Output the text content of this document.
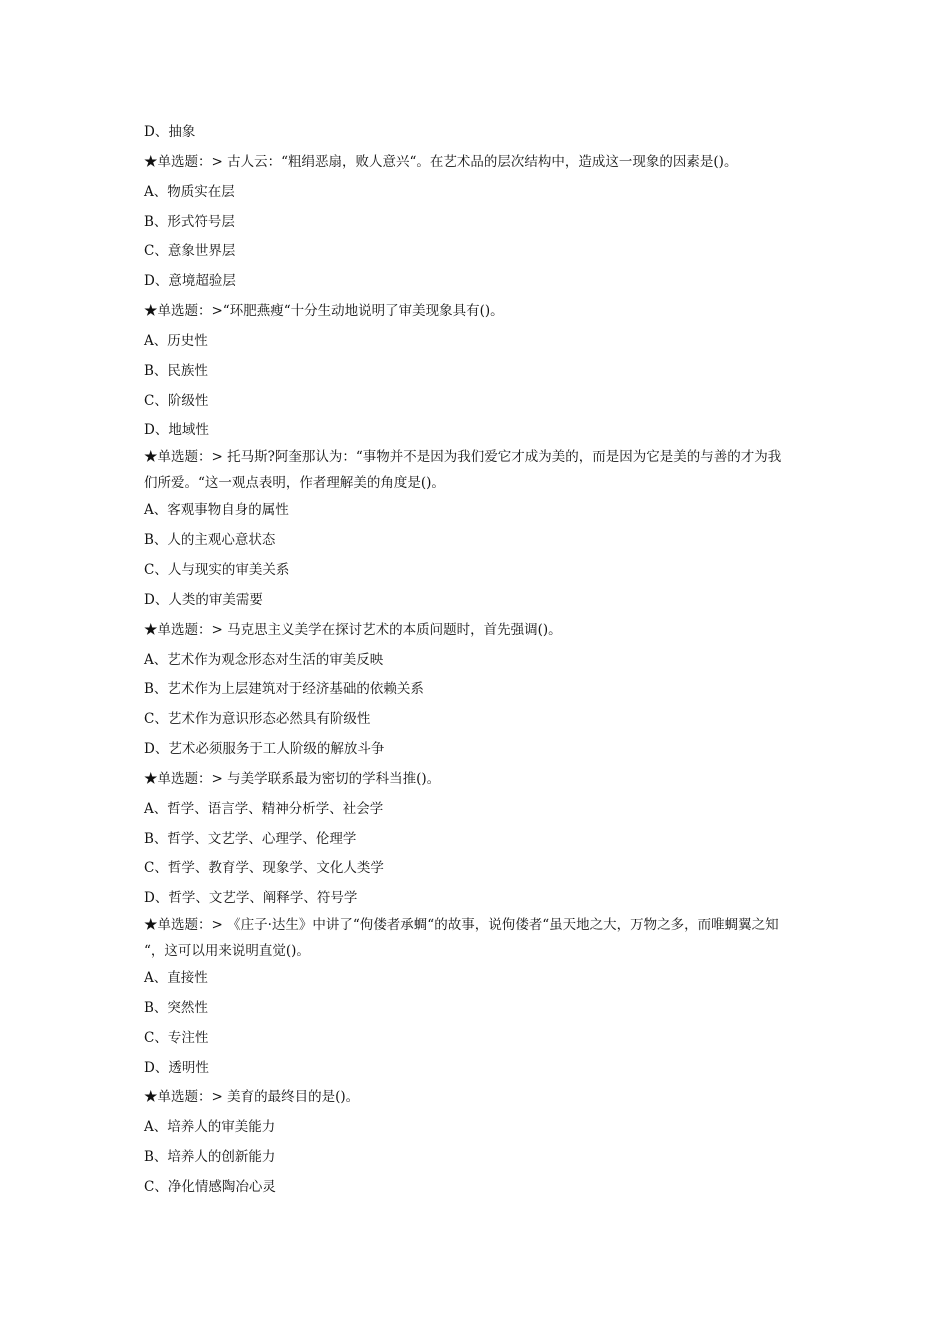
D、抽象
★单选题：> 古人云：“粗绢恶扇，败人意兴“。在艺术品的层次结构中，造成这一现象的因素是()。
A、物质实在层
B、形式符号层
C、意象世界层
D、意境超验层
★单选题：>“环肥燕瘦“十分生动地说明了审美现象具有()。
A、历史性
B、民族性
C、阶级性
D、地域性
★单选题：> 托马斯?阿奎那认为：“事物并不是因为我们爱它才成为美的，而是因为它是美的与善的才为我
们所爱。“这一观点表明，作者理解美的角度是()。
A、客观事物自身的属性
B、人的主观心意状态
C、人与现实的审美关系
D、人类的审美需要
★单选题：> 马克思主义美学在探讨艺术的本质问题时，首先强调()。
A、艺术作为观念形态对生活的审美反映
B、艺术作为上层建筑对于经济基础的依赖关系
C、艺术作为意识形态必然具有阶级性
D、艺术必须服务于工人阶级的解放斗争
★单选题：> 与美学联系最为密切的学科当推()。
A、哲学、语言学、精神分析学、社会学
B、哲学、文艺学、心理学、伦理学
C、哲学、教育学、现象学、文化人类学
D、哲学、文艺学、阐释学、符号学
★单选题：> 《庄子·达生》中讲了“佝偻者承蜩“的故事，说佝偻者“虽天地之大，万物之多，而唯蜩翼之知
“，这可以用来说明直觉()。
A、直接性
B、突然性
C、专注性
D、透明性
★单选题：> 美育的最终目的是()。
A、培养人的审美能力
B、培养人的创新能力
C、净化情感陶冶心灵
